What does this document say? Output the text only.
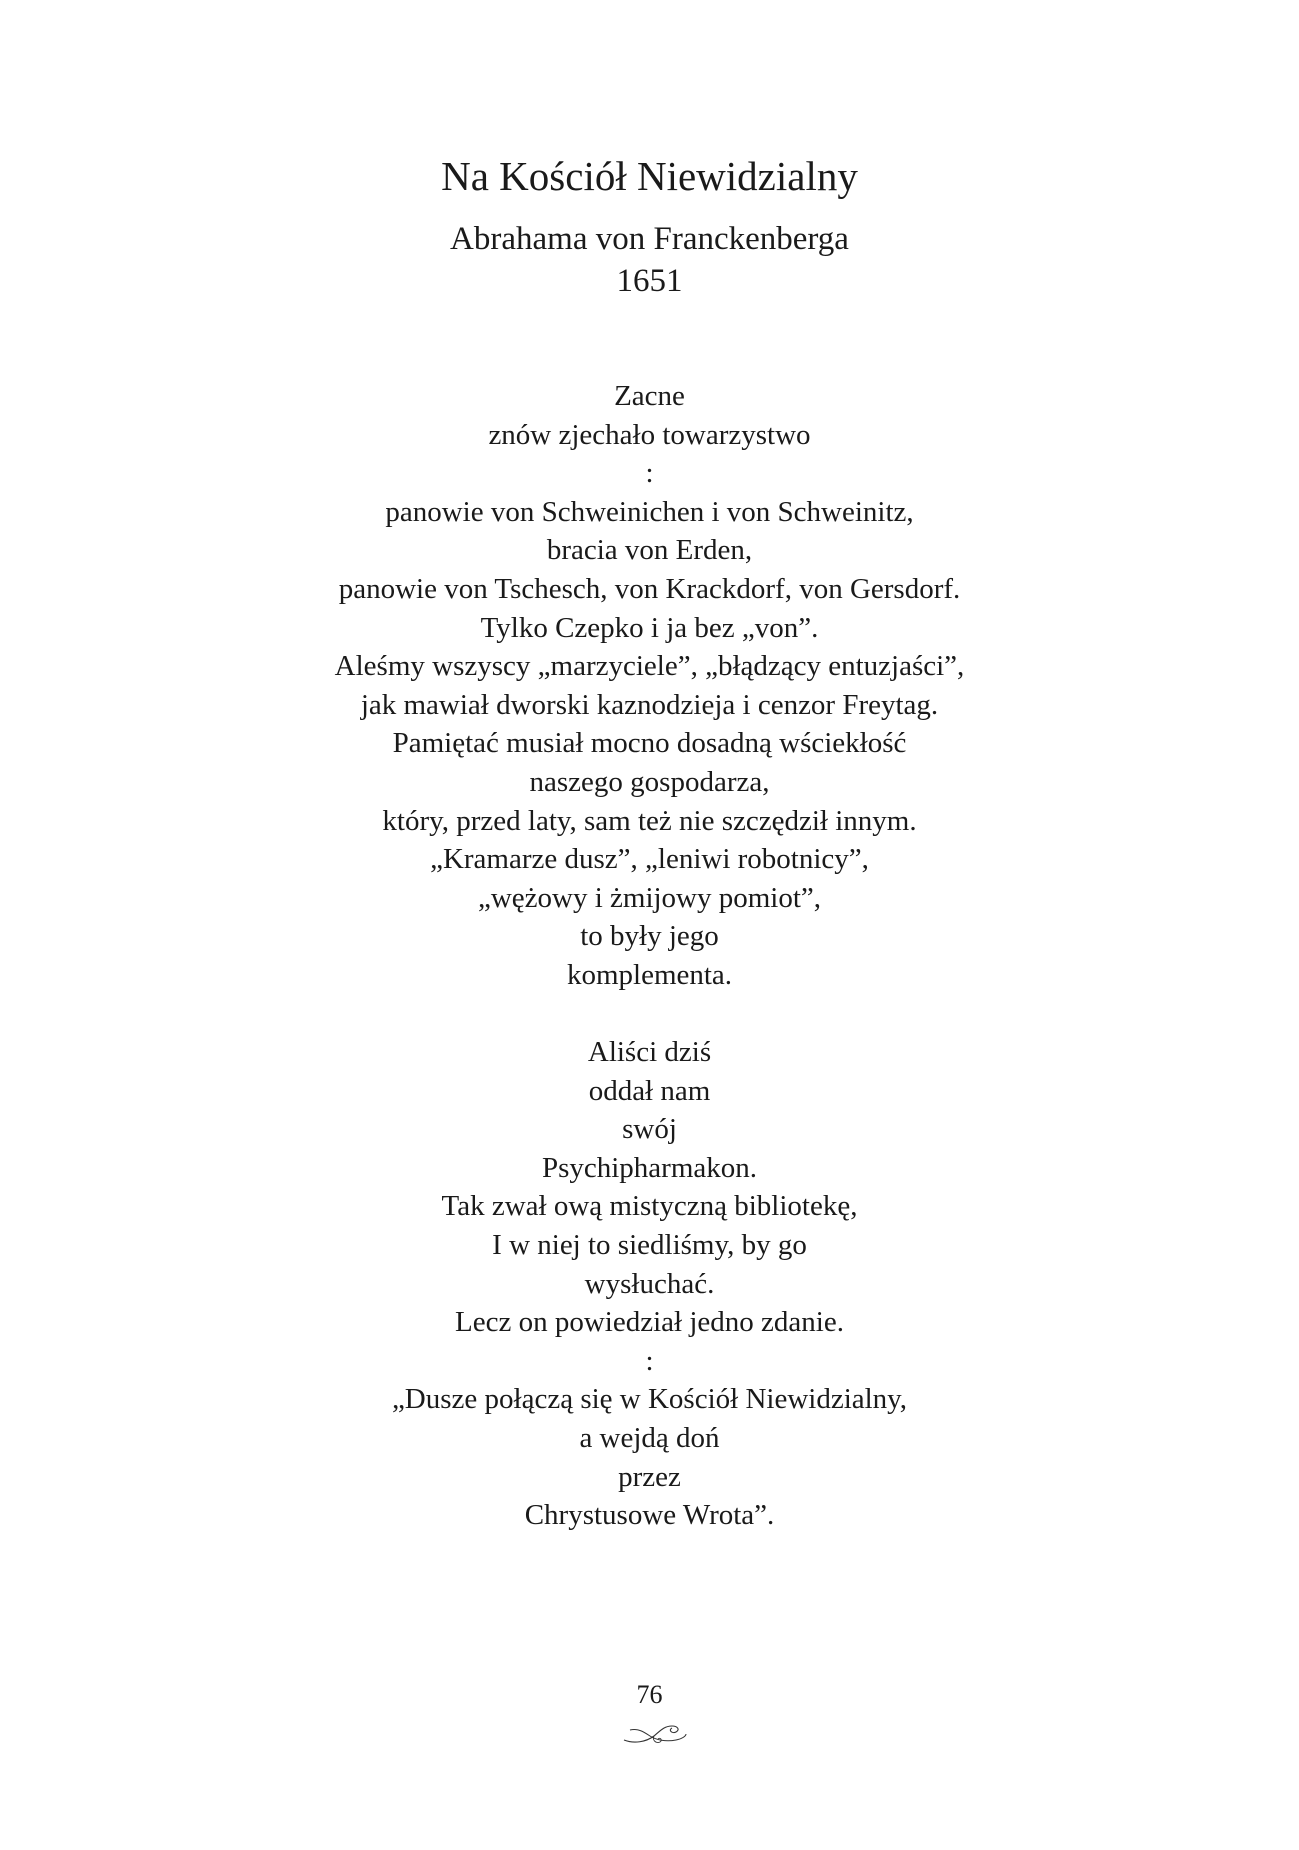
Na Kościół Niewidzialny
Abrahama von Franckenberga
1651
Zacne
znów zjechało towarzystwo
:
panowie von Schweinichen i von Schweinitz,
bracia von Erden,
panowie von Tschesch, von Krackdorf, von Gersdorf.
Tylko Czepko i ja bez „von”.
Aleśmy wszyscy „marzyciele”, „błądzący entuzjaści”,
jak mawiał dworski kaznodzieja i cenzor Freytag.
Pamiętać musiał mocno dosadną wściekłość
naszego gospodarza,
który, przed laty, sam też nie szczędził innym.
„Kramarze dusz”, „leniwi robotnicy”,
„wężowy i żmijowy pomiot”,
to były jego
komplementa.
Aliści dziś
oddał nam
swój
Psychipharmakon.
Tak zwał ową mistyczną bibliotekę,
I w niej to siedliśmy, by go
wysłuchać.
Lecz on powiedział jedno zdanie.
:
„Dusze połączą się w Kościół Niewidzialny,
a wejdą doń
przez
Chrystusowe Wrota”.
76
